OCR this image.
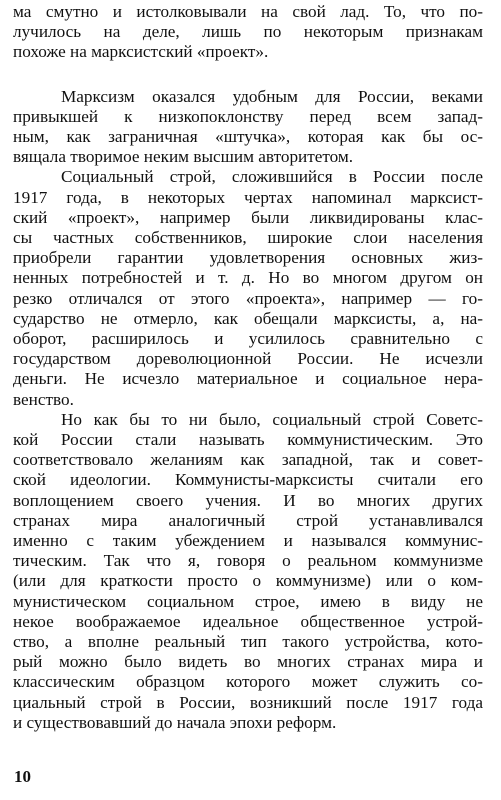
ма смутно и истолковывали на свой лад. То, что по-
лучилось на деле, лишь по некоторым признакам
похоже на марксистский «проект».
Марксизм оказался удобным для России, веками
привыкшей к низкопоклонству перед всем запад-
ным, как заграничная «штучка», которая как бы ос-
вящала творимое неким высшим авторитетом.
Социальный строй, сложившийся в России после
1917 года, в некоторых чертах напоминал марксист-
ский «проект», например были ликвидированы клас-
сы частных собственников, широкие слои населения
приобрели гарантии удовлетворения основных жиз-
ненных потребностей и т. д. Но во многом другом он
резко отличался от этого «проекта», например — го-
сударство не отмерло, как обещали марксисты, а, на-
оборот, расширилось и усилилось сравнительно с
государством дореволюционной России. Не исчезли
деньги. Не исчезло материальное и социальное нера-
венство.
Но как бы то ни было, социальный строй Советс-
кой России стали называть коммунистическим. Это
соответствовало желаниям как западной, так и совет-
ской идеологии. Коммунисты-марксисты считали его
воплощением своего учения. И во многих других
странах мира аналогичный строй устанавливался
именно с таким убеждением и назывался коммунис-
тическим. Так что я, говоря о реальном коммунизме
(или для краткости просто о коммунизме) или о ком-
мунистическом социальном строе, имею в виду не
некое воображаемое идеальное общественное устрой-
ство, а вполне реальный тип такого устройства, кото-
рый можно было видеть во многих странах мира и
классическим образцом которого может служить со-
циальный строй в России, возникший после 1917 года
и существовавший до начала эпохи реформ.
10
